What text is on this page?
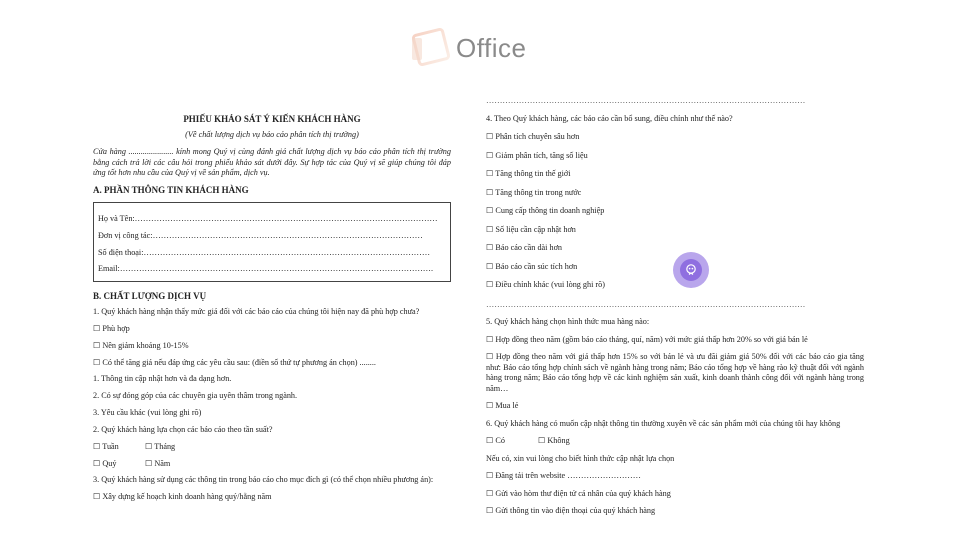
Office
PHIẾU KHẢO SÁT Ý KIẾN KHÁCH HÀNG
(Về chất lượng dịch vụ báo cáo phân tích thị trường)
Cửa hàng ...................... kính mong Quý vị cùng đánh giá chất lượng dịch vụ báo cáo phân tích thị trường bằng cách trả lời các câu hỏi trong phiếu khảo sát dưới đây. Sự hợp tác của Quý vị sẽ giúp chúng tôi đáp ứng tốt hơn nhu cầu của Quý vị về sản phẩm, dịch vụ.
A. PHẦN THÔNG TIN KHÁCH HÀNG
Họ và Tên:…………………………………………………………………………………………………
Đơn vị công tác:………………………………………………………………………………………
Số điện thoại:……………………………………………………………………………………………
Email:…………………………………………………………………………………………………….
B. CHẤT LƯỢNG DỊCH VỤ
1. Quý khách hàng nhận thấy mức giá đối với các báo cáo của chúng tôi hiện nay đã phù hợp chưa?
☐ Phù hợp
☐ Nên giảm khoảng 10-15%
☐ Có thể tăng giá nếu đáp ứng các yêu cầu sau: (điền số thứ tự phương án chọn) ........
1. Thông tin cập nhật hơn và đa dạng hơn.
2. Có sự đóng góp của các chuyên gia uyên thâm trong ngành.
3. Yêu cầu khác (vui lòng ghi rõ)
2. Quý khách hàng lựa chọn các báo cáo theo tần suất?
☐ Tuần	☐ Tháng
☐ Quý	☐ Năm
3. Quý khách hàng sử dụng các thông tin trong báo cáo cho mục đích gì (có thể chọn nhiều phương án):
☐ Xây dựng kế hoạch kinh doanh hàng quý/hằng năm
………………………………………………………………………………………………………
4. Theo Quý khách hàng, các báo cáo cần bổ sung, điều chỉnh như thế nào?
☐ Phân tích chuyên sâu hơn
☐ Giảm phân tích, tăng số liệu
☐ Tăng thông tin thế giới
☐ Tăng thông tin trong nước
☐ Cung cấp thông tin doanh nghiệp
☐ Số liệu cần cập nhật hơn
☐ Báo cáo cần dài hơn
☐ Báo cáo cần súc tích hơn
☐ Điều chỉnh khác (vui lòng ghi rõ)
………………………………………………………………………………………………………
5. Quý khách hàng chọn hình thức mua hàng nào:
☐ Hợp đồng theo năm (gồm báo cáo tháng, quí, năm) với mức giá thấp hơn 20% so với giá bán lẻ
☐ Hợp đồng theo năm với giá thấp hơn 15% so với bán lẻ và ưu đãi giảm giá 50% đối với các báo cáo gia tăng như: Báo cáo tổng hợp chính sách về ngành hàng trong năm; Báo cáo tổng hợp về hàng rào kỹ thuật đối với ngành hàng trong năm; Báo cáo tổng hợp về các kinh nghiệm sản xuất, kinh doanh thành công đối với ngành hàng trong năm…
☐ Mua lẻ
6. Quý khách hàng có muốn cập nhật thông tin thường xuyên về các sản phẩm mới của chúng tôi hay không
☐ Có	☐ Không
Nếu có, xin vui lòng cho biết hình thức cập nhật lựa chọn
☐ Đăng tải trên website ………………………
☐ Gửi vào hòm thư điện tử cá nhân của quý khách hàng
☐ Gửi thông tin vào điện thoại của quý khách hàng
